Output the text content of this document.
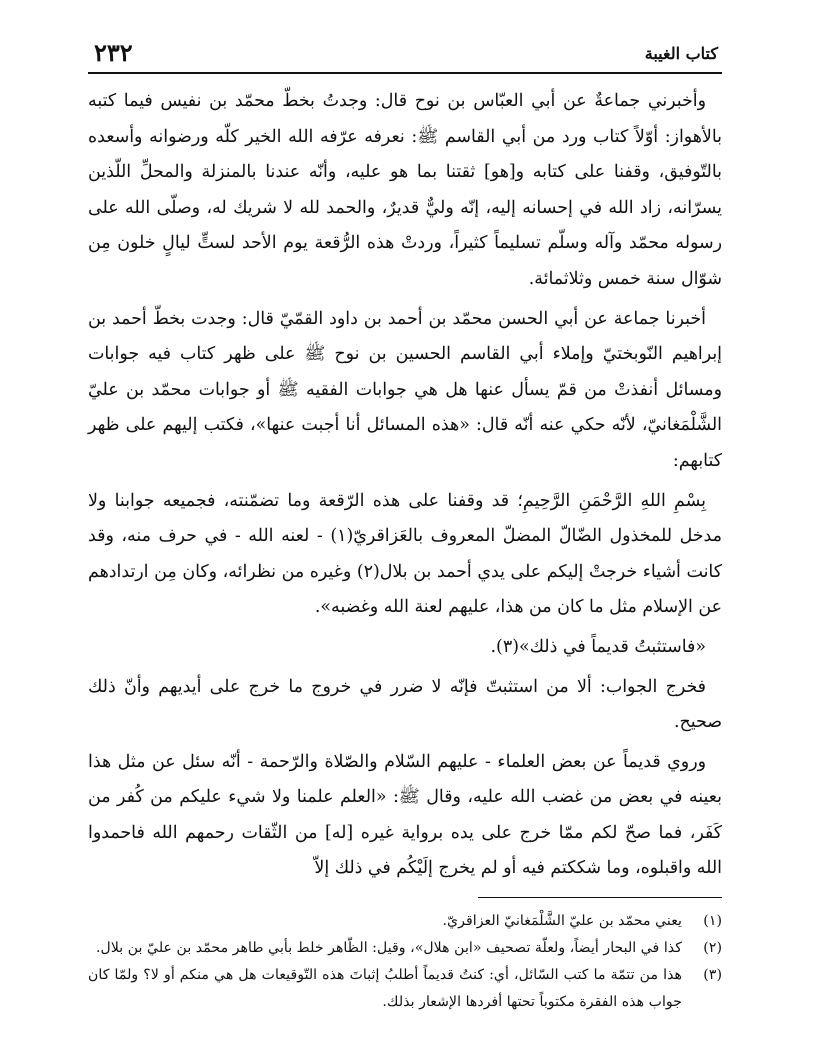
كتاب الغيبة
٢٣٢

وأخبرني جماعةٌ عن أبي العبّاس بن نوح قال: وجدتُ بخطّ محمّد بن نفيس فيما كتبه بالأهواز: أوّلاً كتاب ورد من أبي القاسم ﷺ: نعرفه عرّفه الله الخير كلّه ورضوانه وأسعده بالتّوفيق، وقفنا على كتابه و[هو] ثقتنا بما هو عليه، وأنّه عندنا بالمنزلة والمحلِّ اللّذين يسرّانه، زاد الله في إحسانه إليه، إنّه وليٌّ قديرٌ، والحمد لله لا شريك له، وصلّى الله على رسوله محمّد وآله وسلّم تسليماً كثيراً، وردتْ هذه الرُّقعة يوم الأحد لستٍّ ليالٍ خلون مِن شوّال سنة خمس وثلاثمائة.

أخبرنا جماعة عن أبي الحسن محمّد بن أحمد بن داود القمّيّ قال: وجدت بخطّ أحمد بن إبراهيم النّوبختيّ وإملاء أبي القاسم الحسين بن نوح ﷺ على ظهر كتاب فيه جوابات ومسائل أنفذتْ من قمّ يسأل عنها هل هي جوابات الفقيه ﷺ أو جوابات محمّد بن عليّ الشَّلْمَغانيّ، لأنّه حكي عنه أنّه قال: «هذه المسائل أنا أجبت عنها»، فكتب إليهم على ظهر كتابهم:

بِسْمِ اللهِ الرَّحْمَنِ الرَّحِيمِ؛ قد وقفنا على هذه الرّقعة وما تضمّنته، فجميعه جوابنا ولا مدخل للمخذول الضّالّ المضلّ المعروف بالعَزاقريّ(١) - لعنه الله - في حرف منه، وقد كانت أشياء خرجتْ إليكم على يدي أحمد بن بلال(٢) وغيره من نظرائه، وكان مِن ارتدادهم عن الإسلام مثل ما كان من هذا، عليهم لعنة الله وغضبه».

«فاستثبتُ قديماً في ذلك»(٣).

فخرج الجواب: ألا من استثبتّ فإنّه لا ضرر في خروج ما خرج على أيديهم وأنّ ذلك صحيح.

وروي قديماً عن بعض العلماء - عليهم السّلام والصّلاة والرّحمة - أنّه سئل عن مثل هذا بعينه في بعض من غضب الله عليه، وقال ﷺ: «العلم علمنا ولا شيء عليكم من كُفر من كَفَر، فما صحّ لكم ممّا خرج على يده برواية غيره [له] من الثّقات رحمهم الله فاحمدوا الله واقبلوه، وما شككتم فيه أو لم يخرج إلَيْكُم في ذلك إلاّ

(١)
يعني محمّد بن عليّ الشَّلْمَغانيّ العزاقريّ.
(٢)
كذا في البحار أيضاً، ولعلّة تصحيف «ابن هلال»، وقيل: الظّاهر خلط بأبي طاهر محمّد بن عليّ بن بلال.
(٣)
هذا من تتمّة ما كتب السّائل، أي: كنتُ قديماً أطلبُ إثباتَ هذه التّوقيعات هل هي منكم أو لا؟ ولمّا كان جواب هذه الفقرة مكتوباً تحتها أفردها الإشعار بذلك.
